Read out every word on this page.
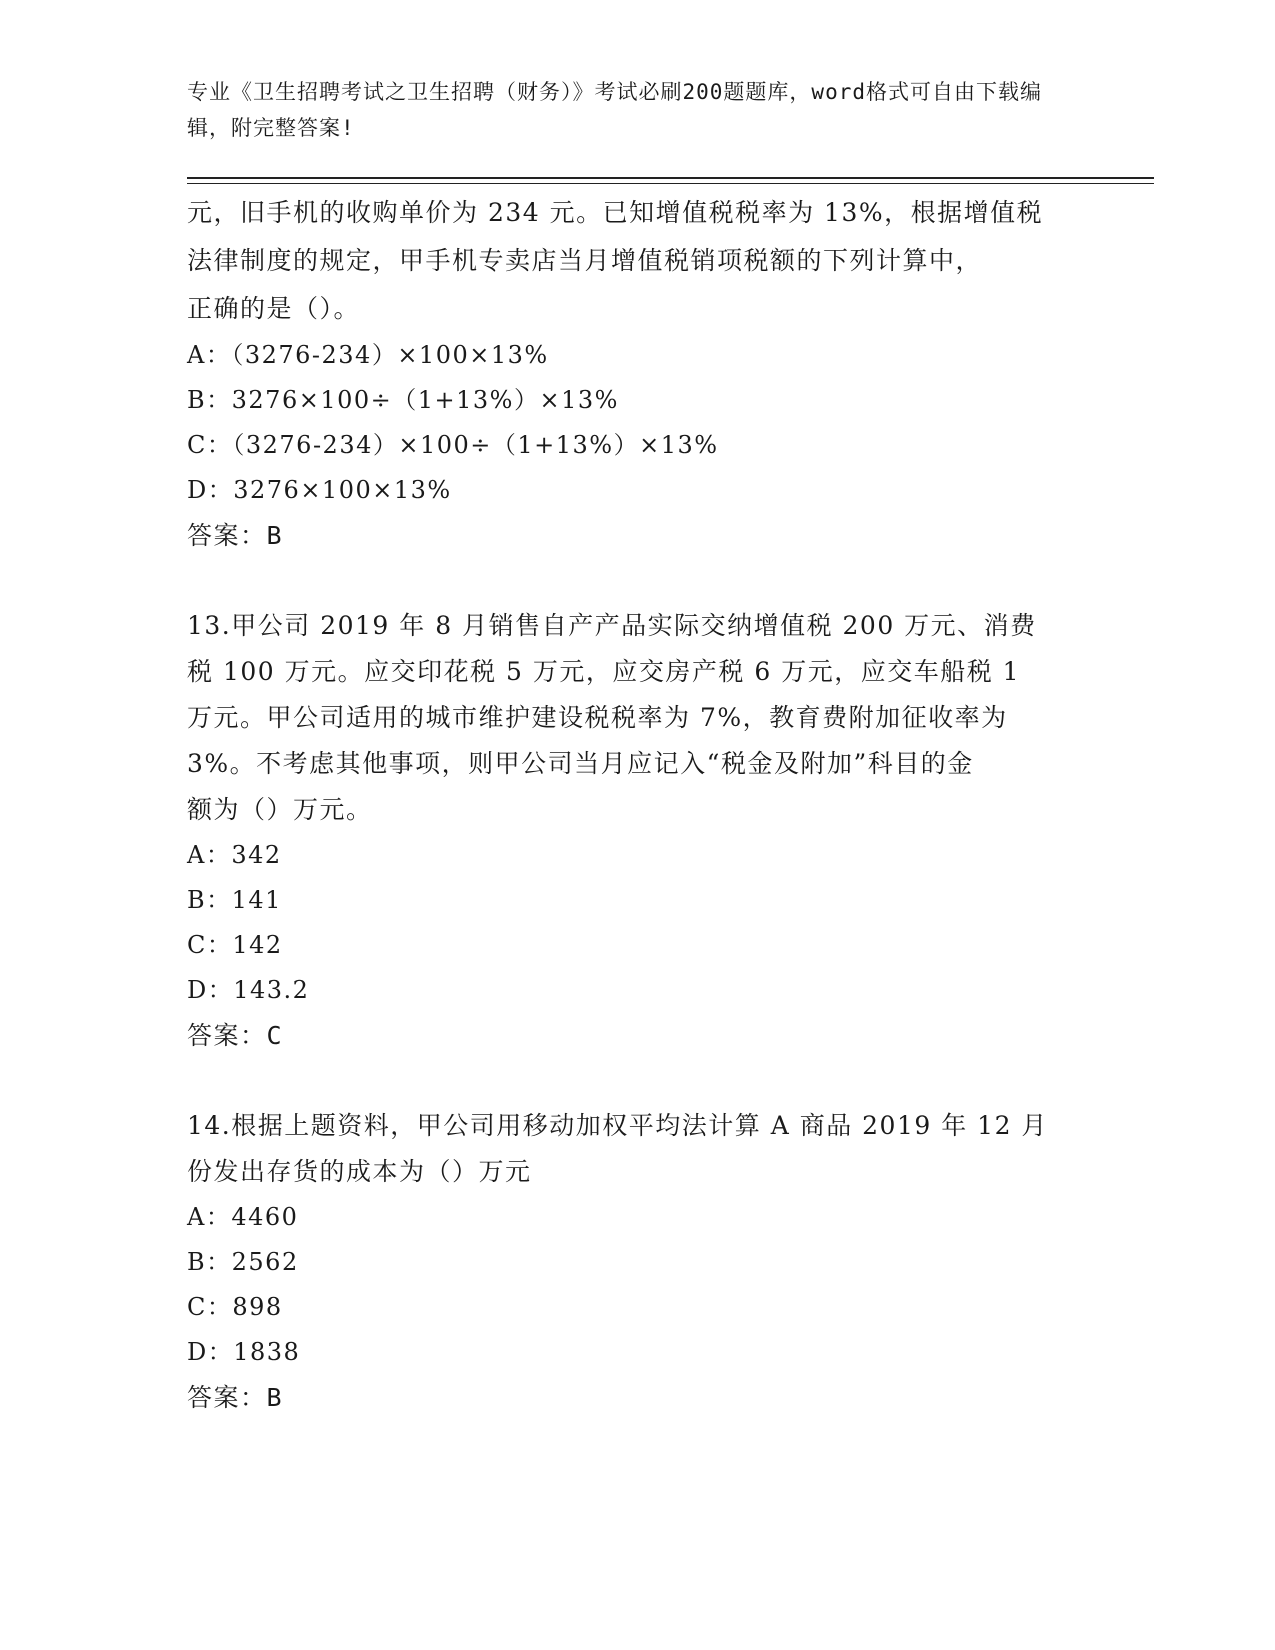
专业《卫生招聘考试之卫生招聘（财务）》考试必刷200题题库，word格式可自由下载编辑，附完整答案!
元，旧手机的收购单价为 234 元。已知增值税税率为 13%，根据增值税
法律制度的规定，甲手机专卖店当月增值税销项税额的下列计算中，
正确的是（）。
A：（3276-234）×100×13%
B：3276×100÷（1+13%）×13%
C：（3276-234）×100÷（1+13%）×13%
D：3276×100×13%
答案：B
13.甲公司 2019 年 8 月销售自产产品实际交纳增值税 200 万元、消费
税 100 万元。应交印花税 5 万元，应交房产税 6 万元，应交车船税 1
万元。甲公司适用的城市维护建设税税率为 7%，教育费附加征收率为
3%。不考虑其他事项，则甲公司当月应记入“税金及附加”科目的金
额为（）万元。
A：342
B：141
C：142
D：143.2
答案：C
14.根据上题资料，甲公司用移动加权平均法计算 A 商品 2019 年 12 月
份发出存货的成本为（）万元
A：4460
B：2562
C：898
D：1838
答案：B
